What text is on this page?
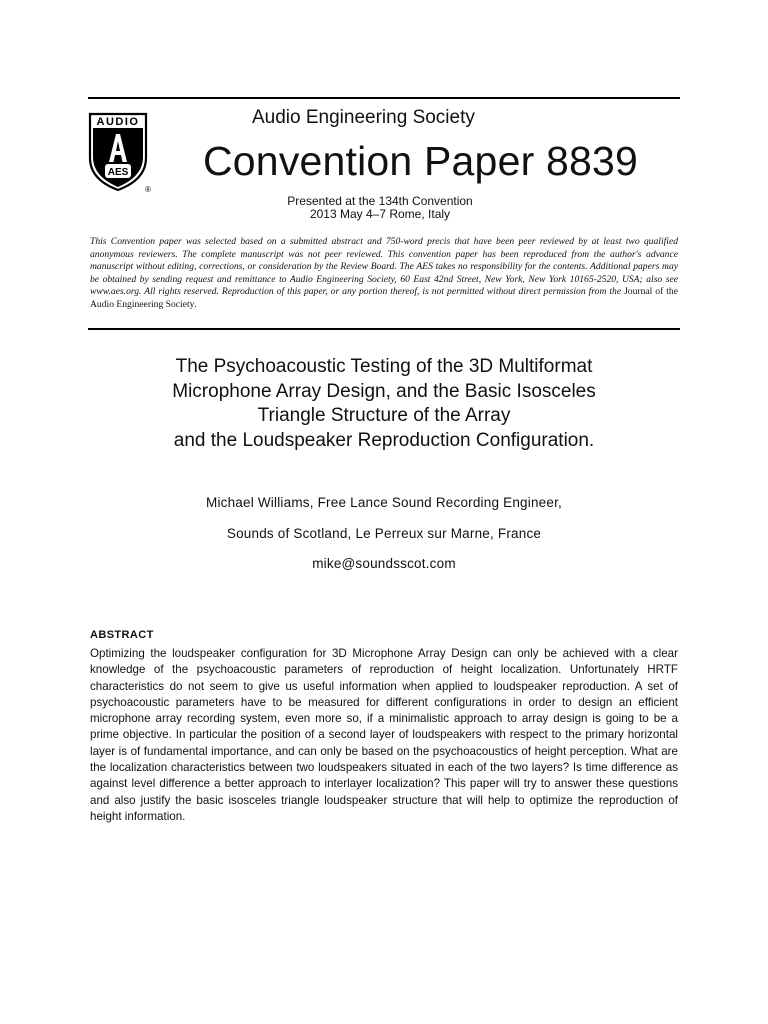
AUDIO
AES
®
Audio Engineering Society
Convention Paper 8839
Presented at the 134th Convention
2013 May 4–7 Rome, Italy

This Convention paper was selected based on a submitted abstract and 750-word precis that have been peer reviewed by at least two qualified anonymous reviewers. The complete manuscript was not peer reviewed. This convention paper has been reproduced from the author's advance manuscript without editing, corrections, or consideration by the Review Board. The AES takes no responsibility for the contents. Additional papers may be obtained by sending request and remittance to Audio Engineering Society, 60 East 42nd Street, New York, New York 10165-2520, USA; also see www.aes.org. All rights reserved. Reproduction of this paper, or any portion thereof, is not permitted without direct permission from the Journal of the Audio Engineering Society.

The Psychoacoustic Testing of the 3D Multiformat
Microphone Array Design, and the Basic Isosceles
Triangle Structure of the Array
and the Loudspeaker Reproduction Configuration.
Michael Williams, Free Lance Sound Recording Engineer,
Sounds of Scotland, Le Perreux sur Marne, France
mike@soundsscot.com
ABSTRACT

Optimizing the loudspeaker configuration for 3D Microphone Array Design can only be achieved with a clear knowledge of the psychoacoustic parameters of reproduction of height localization. Unfortunately HRTF characteristics do not seem to give us useful information when applied to loudspeaker reproduction. A set of psychoacoustic parameters have to be measured for different configurations in order to design an efficient microphone array recording system, even more so, if a minimalistic approach to array design is going to be a prime objective. In particular the position of a second layer of loudspeakers with respect to the primary horizontal layer is of fundamental importance, and can only be based on the psychoacoustics of height perception. What are the localization characteristics between two loudspeakers situated in each of the two layers? Is time difference as against level difference a better approach to interlayer localization? This paper will try to answer these questions and also justify the basic isosceles triangle loudspeaker structure that will help to optimize the reproduction of height information.
